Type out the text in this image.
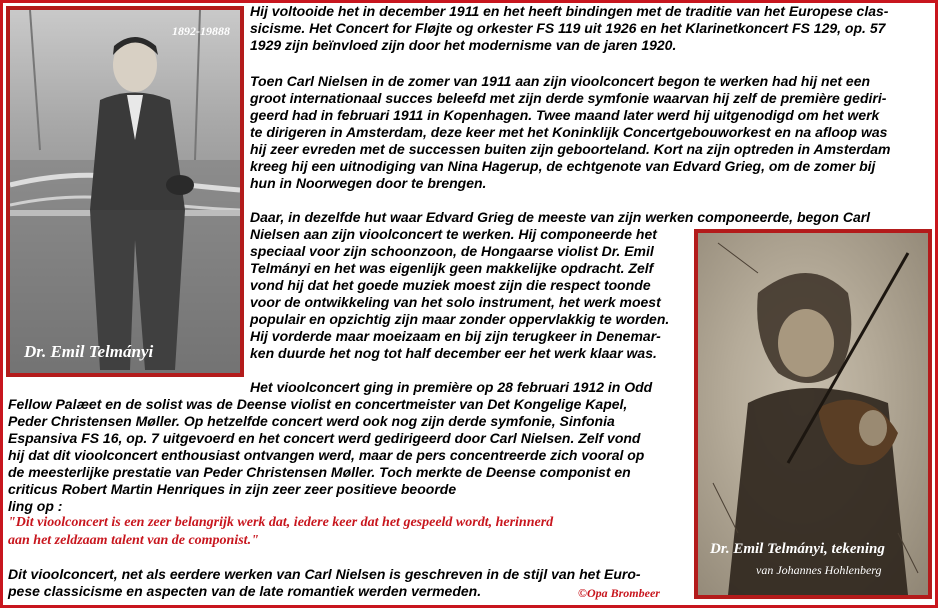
1892-19888
Dr. Emil Telmányi
Dr. Emil Telmányi, tekening
van Johannes Hohlenberg

Hij voltooide het in december 1911 en het heeft bindingen met de traditie van het Europese clas-
sicisme. Het Concert for Fløjte og orkester FS 119 uit 1926 en het Klarinetkoncert FS 129, op. 57
1929 zijn beïnvloed zijn door het modernisme van de jaren 1920.

Toen Carl Nielsen in de zomer van 1911 aan zijn vioolconcert begon te werken had hij net een
groot internationaal succes beleefd met zijn derde symfonie waarvan hij zelf de première gediri-
geerd had in februari 1911 in Kopenhagen. Twee maand later werd hij uitgenodigd om het werk
te dirigeren in Amsterdam, deze keer met het Koninklijk Concertgebouworkest en na afloop was
hij zeer evreden met de successen buiten zijn geboorteland. Kort na zijn optreden in Amsterdam
kreeg hij een uitnodiging van Nina Hagerup, de echtgenote van Edvard Grieg, om de zomer bij
hun in Noorwegen door te brengen.

Daar, in dezelfde hut waar Edvard Grieg de meeste van zijn werken componeerde, begon Carl
Nielsen aan zijn vioolconcert te werken. Hij componeerde het
speciaal voor zijn schoonzoon, de Hongaarse violist Dr. Emil
Telmányi en het was eigenlijk geen makkelijke opdracht. Zelf
vond hij dat het goede muziek moest zijn die respect toonde
voor de ontwikkeling van het solo instrument, het werk moest
populair en opzichtig zijn maar zonder oppervlakkig te worden.
Hij vorderde maar moeizaam en bij zijn terugkeer in Denemar-
ken duurde het nog tot half december eer het werk klaar was.

Het vioolconcert ging in première op 28 februari 1912 in Odd

Fellow Palæet en de solist was de Deense violist en concertmeister van Det Kongelige Kapel,
Peder Christensen Møller. Op hetzelfde concert werd ook nog zijn derde symfonie, Sinfonia
Espansiva FS 16, op. 7 uitgevoerd en het concert werd gedirigeerd door Carl Nielsen. Zelf vond
hij dat dit vioolconcert enthousiast ontvangen werd, maar de pers concentreerde zich vooral op
de meesterlijke prestatie van Peder Christensen Møller. Toch merkte de Deense componist en
criticus Robert Martin Henriques in zijn zeer zeer positieve beoorde
ling op :

"Dit vioolconcert is een zeer belangrijk werk dat, iedere keer dat het gespeeld wordt, herinnerd
aan het zeldzaam talent van de componist."

Dit vioolconcert, net als eerdere werken van Carl Nielsen is geschreven in de stijl van het Euro-
pese classicisme en aspecten van de late romantiek werden vermeden.	©Opa Brombeer
